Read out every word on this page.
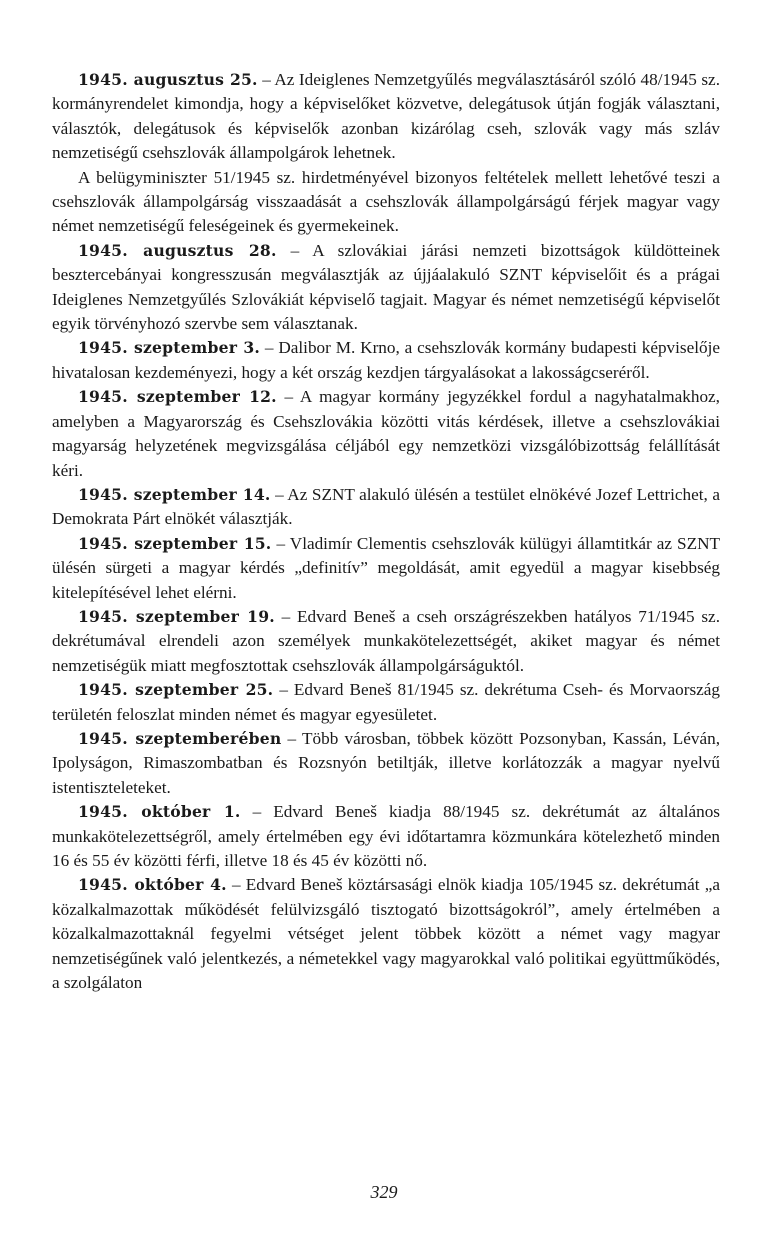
1945. augusztus 25. – Az Ideiglenes Nemzetgyűlés megválasztásáról szóló 48/1945 sz. kormányrendelet kimondja, hogy a képviselőket közvetve, delegátusok útján fogják választani, választók, delegátusok és képviselők azonban kizárólag cseh, szlovák vagy más szláv nemzetiségű csehszlovák állampolgárok lehetnek.

A belügyminiszter 51/1945 sz. hirdetményével bizonyos feltételek mellett lehetővé teszi a csehszlovák állampolgárság visszaadását a csehszlovák állampolgárságú férjek magyar vagy német nemzetiségű feleségeinek és gyermekeinek.

1945. augusztus 28. – A szlovákiai járási nemzeti bizottságok küldötteinek besztercebányai kongresszusán megválasztják az újjáalakuló SZNT képviselőit és a prágai Ideiglenes Nemzetgyűlés Szlovákiát képviselő tagjait. Magyar és német nemzetiségű képviselőt egyik törvényhozó szervbe sem választanak.

1945. szeptember 3. – Dalibor M. Krno, a csehszlovák kormány budapesti képviselője hivatalosan kezdeményezi, hogy a két ország kezdjen tárgyalásokat a lakosságcseréről.

1945. szeptember 12. – A magyar kormány jegyzékkel fordul a nagyhatalmakhoz, amelyben a Magyarország és Csehszlovákia közötti vitás kérdések, illetve a csehszlovákiai magyarság helyzetének megvizsgálása céljából egy nemzetközi vizsgálóbizottság felállítását kéri.

1945. szeptember 14. – Az SZNT alakuló ülésén a testület elnökévé Jozef Lettrichet, a Demokrata Párt elnökét választják.

1945. szeptember 15. – Vladimír Clementis csehszlovák külügyi államtitkár az SZNT ülésén sürgeti a magyar kérdés „definitív” megoldását, amit egyedül a magyar kisebbség kitelepítésével lehet elérni.

1945. szeptember 19. – Edvard Beneš a cseh országrészekben hatályos 71/1945 sz. dekrétumával elrendeli azon személyek munkakötelezettségét, akiket magyar és német nemzetiségük miatt megfosztottak csehszlovák állampolgárságuktól.

1945. szeptember 25. – Edvard Beneš 81/1945 sz. dekrétuma Cseh- és Morvaország területén feloszlat minden német és magyar egyesületet.

1945. szeptemberében – Több városban, többek között Pozsonyban, Kassán, Léván, Ipolyságon, Rimaszombatban és Rozsnyón betiltják, illetve korlátozzák a magyar nyelvű istentiszteleteket.

1945. október 1. – Edvard Beneš kiadja 88/1945 sz. dekrétumát az általános munkakötelezettségről, amely értelmében egy évi időtartamra közmunkára kötelezhető minden 16 és 55 év közötti férfi, illetve 18 és 45 év közötti nő.

1945. október 4. – Edvard Beneš köztársasági elnök kiadja 105/1945 sz. dekrétumát „a közalkalmazottak működését felülvizsgáló tisztogató bizottságokról”, amely értelmében a közalkalmazottaknál fegyelmi vétséget jelent többek között a német vagy magyar nemzetiségűnek való jelentkezés, a németekkel vagy magyarokkal való politikai együttműködés, a szolgálaton

329
